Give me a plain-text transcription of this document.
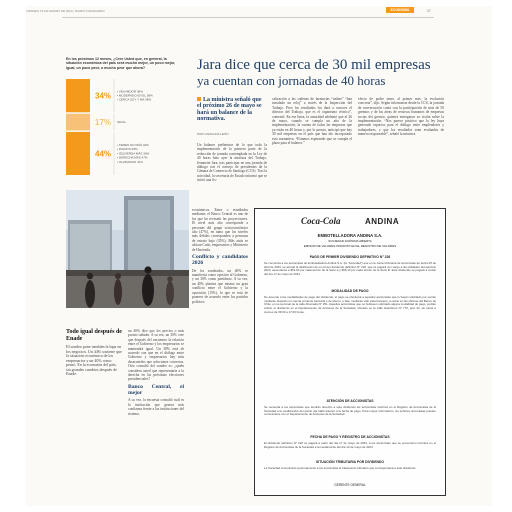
VIERNES 15 DE MARZO DE 2024 | DIARIO FINANCIERO	ECONOMÍA	17
En los próximos 12 meses, ¿Cree Usted que, en general, la situación económica del país será mucho mejor, un poco mejor, igual, un poco peor, o mucho peor que ahora?
34%
• VEA MEJOR 38%
• MODERADO EN EL 58%
• CERCA SOY Y MA 38%
17% IGUAL
44%
• TEMEN NO MÁS 42%
• DIGNOS 48%
• IZQUIERDA MÁS 30%
• DERECHA MÁS 47%
• OLVIDADOS 41%
Todo igual después de Enade
El sondeo pone también la lupa en los negocios. Un 44% sostiene que la situación económica de los empresarios y un 40% como pensó. En la economía del país, sin grandes cambios después de Enade.
Jara dice que cerca de 30 mil empresas
ya cuentan con jornadas de 40 horas
La ministra señaló que el próximo 26 de mayo se hará un balance de la normativa.
POR CAROLINA LEÓN
Un balance preliminar de lo que toda la implementación de la primera parte de la reducción de jornada contemplada en la Ley de 40 horas hizo ayer la ministra del Trabajo, Jeannette Jara, tras participar en una jornada de diálogo con el consejo de presidentes de la Cámara de Comercio de Santiago (CCS). Tras la actividad, la secretaria de Estado informó que se inició una fis-
calización a las cadenas de farmacias “online” “han instalado un reloj” a través de la Inspección del Trabajo. Pero los resultados los dará a conocer el director del Trabajo, que es el organismo técnico”, comentó. En ese línea, la autoridad adelantó que el 26 de mayo, cuando se cumpla un año de la implementación, la cuenta de todas las empresas que ya están en 40 horas y, por lo pronto, anticipó que hay 30 mil empresas en el país que han ido incorporado esta normativa. “Estamos esperando que se cumpla el plazo para el balance.”
efecto de poder tener, al primer mes, la evolución concreta”, dijo. Según informaron desde la CCS, la jornada de conversación contó con la participación de más de 50 gremios y de las áreas de recursos humanos de empresas socias del gremio, quienes entregaron su visión sobre la implementación. “Nos parece positivo que la ley haya generado espacios para el diálogo entre empleadores y trabajadores, y que los resultados sean evaluados de manera responsable”, señaló la ministra.
un 40% dice que los precios o más pronto subirán. A su vez, un 30% cree que después del encuentro la relación entre el Gobierno y los empresarios se mantendrá igual. Un 38% está de acuerdo con que en el diálogo entre Gobierno y empresarios hay más desacuerdos que soluciones concretas. Otro consultó del sondeo es: ¿quién considera usted que representaría a la derecha en las próximas elecciones presidenciales?
Banco Central, el mejor
A su vez, la encuesta consultó cuál es la institución que genera más confianza frente a las instituciones del sistema.
económicos. Entre o estudiados mediante, el Banco Central es uno de los que ha revisado las proyecciones. El nivel más alto corresponde a personas del grupo socioeconómico alto (47%), en tanto que los niveles más débiles corresponden a personas de estrato bajo (35%). Más atrás se ubican Codo, empresarios y Ministerio de Hacienda.
Conflicto y candidatos 2026
De los sondeados, un 40% se manifiesta como opositor al Gobierno, y un 30% como partidario. A su vez, un 40% plantea que mismo un gran conflicto entre el Gobierno y la oposición (15%), lo que se está de ponerse de acuerdo entre los partidos políticos.
Coca-Cola	ANDINA
EMBOTELLADORA ANDINA S.A.
SOCIEDAD ANÓNIMA ABIERTA
EMISOR DE VALORES INSCRITO EN EL REGISTRO DE VALORES
PAGO DE PRIMER DIVIDENDO DEFINITIVO N° 226
Se comunica a los accionistas de Embotelladora Andina S.A. (la “Sociedad”) que en la Junta Ordinaria de Accionistas de fecha 25 de abril de 2024, se acordó la distribución de un primer dividendo definitivo N° 226, que se pagará con cargo a las utilidades del ejercicio 2023, ascendente a $51,00 por cada acción de la Serie A y $56,10 por cada acción de la Serie B. Este dividendo se pagará a contar del día 17 de mayo de 2024.
MODALIDAD DE PAGO
De acuerdo a las modalidades de pago del dividendo, el pago se efectuará a aquellos accionistas que lo hayan solicitado por escrito mediante depósito en cuenta corriente bancaria o de ahorro; o bien mediante vale vista bancario, a retirar en las oficinas del Banco de Chile, en su sucursal de la calle Ahumada N° 251. Aquellos accionistas que no hubiesen solicitado alguna modalidad de pago, podrán cobrar el dividendo en el Departamento de Acciones de la Sociedad, ubicado en la calle Huérfanos N° 770, piso 22, de lunes a viernes de 09:00 a 17:00 horas.
ATENCIÓN DE ACCIONISTAS
Se recuerda a los accionistas que tendrán derecho a este dividendo los accionistas inscritos en el Registro de Accionistas de la Sociedad a la medianoche del quinto día hábil anterior a la fecha de pago. Para mayor información, los señores accionistas pueden comunicarse con el Departamento de Acciones de la Sociedad.
FECHA DE PAGO Y REGISTRO DE ACCIONISTAS
El dividendo definitivo N° 226 se pagará a partir del día 17 de mayo de 2024, a los accionistas que se encuentren inscritos en el Registro de Accionistas de la Sociedad a la medianoche del día 10 de mayo de 2024.
SITUACIÓN TRIBUTARIA POR DIVIDENDO
La Sociedad comunicará oportunamente a los accionistas el tratamiento tributario que corresponderá a este dividendo.
GERENTE GENERAL
